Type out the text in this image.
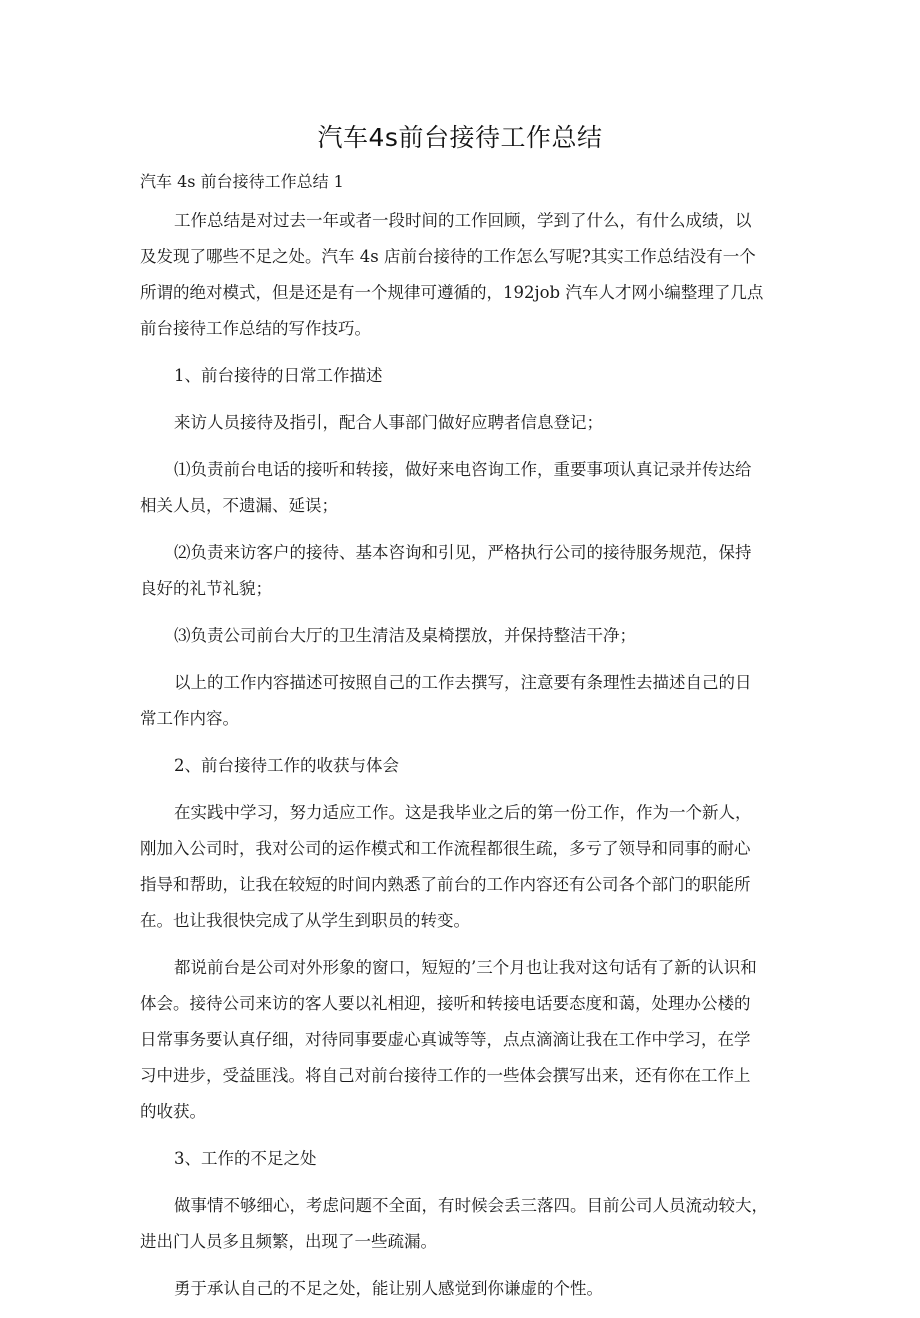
汽车4s前台接待工作总结
汽车 4s 前台接待工作总结 1

工作总结是对过去一年或者一段时间的工作回顾，学到了什么，有什么成绩，以
及发现了哪些不足之处。汽车 4s 店前台接待的工作怎么写呢?其实工作总结没有一个
所谓的绝对模式，但是还是有一个规律可遵循的，192job 汽车人才网小编整理了几点
前台接待工作总结的写作技巧。

1、前台接待的日常工作描述

来访人员接待及指引，配合人事部门做好应聘者信息登记；

⑴负责前台电话的接听和转接，做好来电咨询工作，重要事项认真记录并传达给
相关人员，不遗漏、延误；

⑵负责来访客户的接待、基本咨询和引见，严格执行公司的接待服务规范，保持
良好的礼节礼貌；

⑶负责公司前台大厅的卫生清洁及桌椅摆放，并保持整洁干净；

以上的工作内容描述可按照自己的工作去撰写，注意要有条理性去描述自己的日
常工作内容。

2、前台接待工作的收获与体会

在实践中学习，努力适应工作。这是我毕业之后的第一份工作，作为一个新人，
刚加入公司时，我对公司的运作模式和工作流程都很生疏，多亏了领导和同事的耐心
指导和帮助，让我在较短的时间内熟悉了前台的工作内容还有公司各个部门的职能所
在。也让我很快完成了从学生到职员的转变。

都说前台是公司对外形象的窗口，短短的’三个月也让我对这句话有了新的认识和
体会。接待公司来访的客人要以礼相迎，接听和转接电话要态度和蔼，处理办公楼的
日常事务要认真仔细，对待同事要虚心真诚等等，点点滴滴让我在工作中学习，在学
习中进步，受益匪浅。将自己对前台接待工作的一些体会撰写出来，还有你在工作上
的收获。

3、工作的不足之处

做事情不够细心，考虑问题不全面，有时候会丢三落四。目前公司人员流动较大，
进出门人员多且频繁，出现了一些疏漏。

勇于承认自己的不足之处，能让别人感觉到你谦虚的个性。
